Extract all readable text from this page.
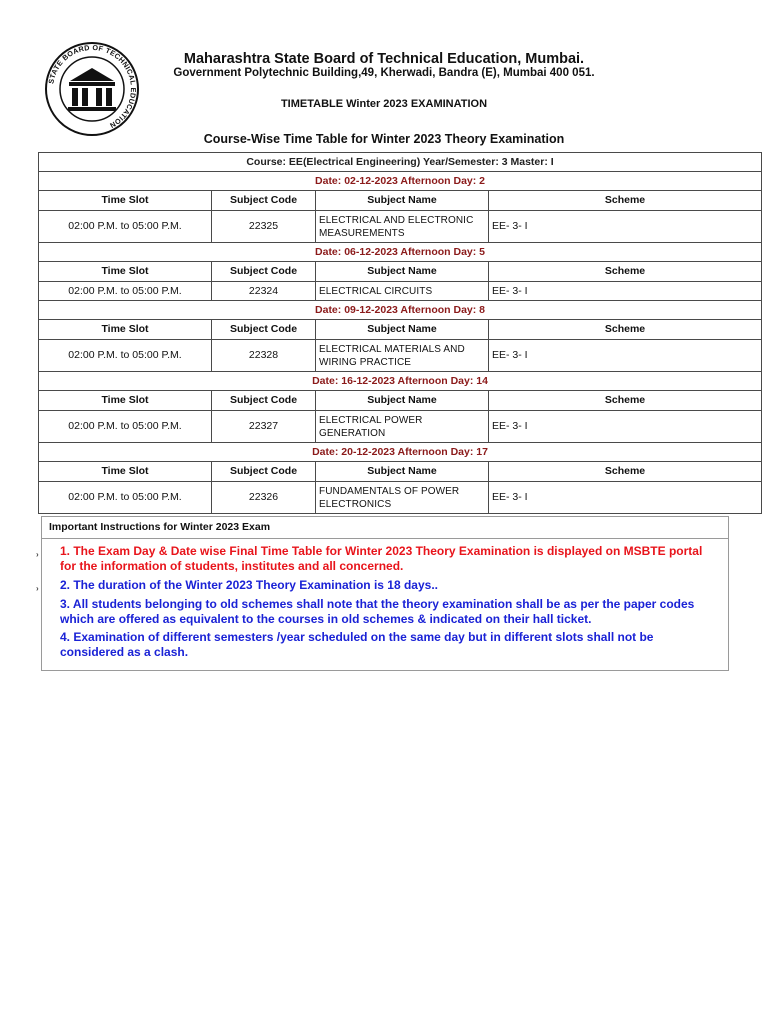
STATE BOARD OF TECHNICAL EDUCATION
Maharashtra State Board of Technical Education, Mumbai.
Government Polytechnic Building,49, Kherwadi, Bandra (E), Mumbai 400 051.
TIMETABLE Winter 2023 EXAMINATION
Course-Wise Time Table for Winter 2023 Theory Examination
Course: EE(Electrical Engineering) Year/Semester: 3 Master: I			
Date: 02-12-2023 Afternoon Day: 2			
Time Slot	Subject Code	Subject Name	Scheme
02:00 P.M. to 05:00 P.M.	22325	ELECTRICAL AND ELECTRONIC MEASUREMENTS	EE- 3- I
Date: 06-12-2023 Afternoon Day: 5			
Time Slot	Subject Code	Subject Name	Scheme
02:00 P.M. to 05:00 P.M.	22324	ELECTRICAL CIRCUITS	EE- 3- I
Date: 09-12-2023 Afternoon Day: 8			
Time Slot	Subject Code	Subject Name	Scheme
02:00 P.M. to 05:00 P.M.	22328	ELECTRICAL MATERIALS AND WIRING PRACTICE	EE- 3- I
Date: 16-12-2023 Afternoon Day: 14			
Time Slot	Subject Code	Subject Name	Scheme
02:00 P.M. to 05:00 P.M.	22327	ELECTRICAL POWER GENERATION	EE- 3- I
Date: 20-12-2023 Afternoon Day: 17			
Time Slot	Subject Code	Subject Name	Scheme
02:00 P.M. to 05:00 P.M.	22326	FUNDAMENTALS OF POWER ELECTRONICS	EE- 3- I
Important Instructions for Winter 2023 Exam
› 1. The Exam Day & Date wise Final Time Table for Winter 2023 Theory Examination is displayed on MSBTE portal for the information of students, institutes and all concerned.
› 2. The duration of the Winter 2023 Theory Examination is 18 days..
3. All students belonging to old schemes shall note that the theory examination shall be as per the paper codes which are offered as equivalent to the courses in old schemes & indicated on their hall ticket.
4. Examination of different semesters /year scheduled on the same day but in different slots shall not be considered as a clash.
